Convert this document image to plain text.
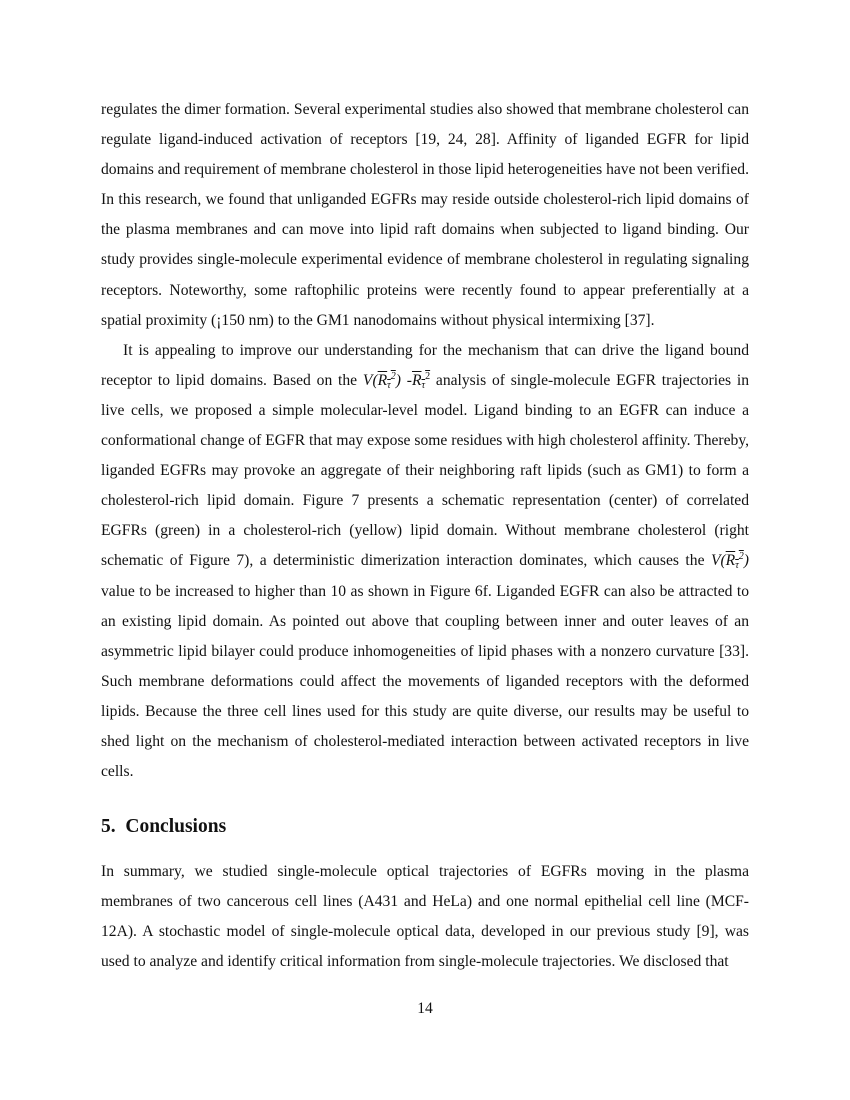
regulates the dimer formation. Several experimental studies also showed that membrane cholesterol can regulate ligand-induced activation of receptors [19, 24, 28]. Affinity of liganded EGFR for lipid domains and requirement of membrane cholesterol in those lipid heterogeneities have not been verified. In this research, we found that unliganded EGFRs may reside outside cholesterol-rich lipid domains of the plasma membranes and can move into lipid raft domains when subjected to ligand binding. Our study provides single-molecule experimental evidence of membrane cholesterol in regulating signaling receptors. Noteworthy, some raftophilic proteins were recently found to appear preferentially at a spatial proximity (¡150 nm) to the GM1 nanodomains without physical intermixing [37].

It is appealing to improve our understanding for the mechanism that can drive the ligand bound receptor to lipid domains. Based on the $V(R_\tau^2)$ $-R_\tau^2$ analysis of single-molecule EGFR trajectories in live cells, we proposed a simple molecular-level model. Ligand binding to an EGFR can induce a conformational change of EGFR that may expose some residues with high cholesterol affinity. Thereby, liganded EGFRs may provoke an aggregate of their neighboring raft lipids (such as GM1) to form a cholesterol-rich lipid domain. Figure 7 presents a schematic representation (center) of correlated EGFRs (green) in a cholesterol-rich (yellow) lipid domain. Without membrane cholesterol (right schematic of Figure 7), a deterministic dimerization interaction dominates, which causes the $V(R_\tau^2)$ value to be increased to higher than 10 as shown in Figure 6f. Liganded EGFR can also be attracted to an existing lipid domain. As pointed out above that coupling between inner and outer leaves of an asymmetric lipid bilayer could produce inhomogeneities of lipid phases with a nonzero curvature [33]. Such membrane deformations could affect the movements of liganded receptors with the deformed lipids. Because the three cell lines used for this study are quite diverse, our results may be useful to shed light on the mechanism of cholesterol-mediated interaction between activated receptors in live cells.

5. Conclusions

In summary, we studied single-molecule optical trajectories of EGFRs moving in the plasma membranes of two cancerous cell lines (A431 and HeLa) and one normal epithelial cell line (MCF-12A). A stochastic model of single-molecule optical data, developed in our previous study [9], was used to analyze and identify critical information from single-molecule trajectories. We disclosed that

14
